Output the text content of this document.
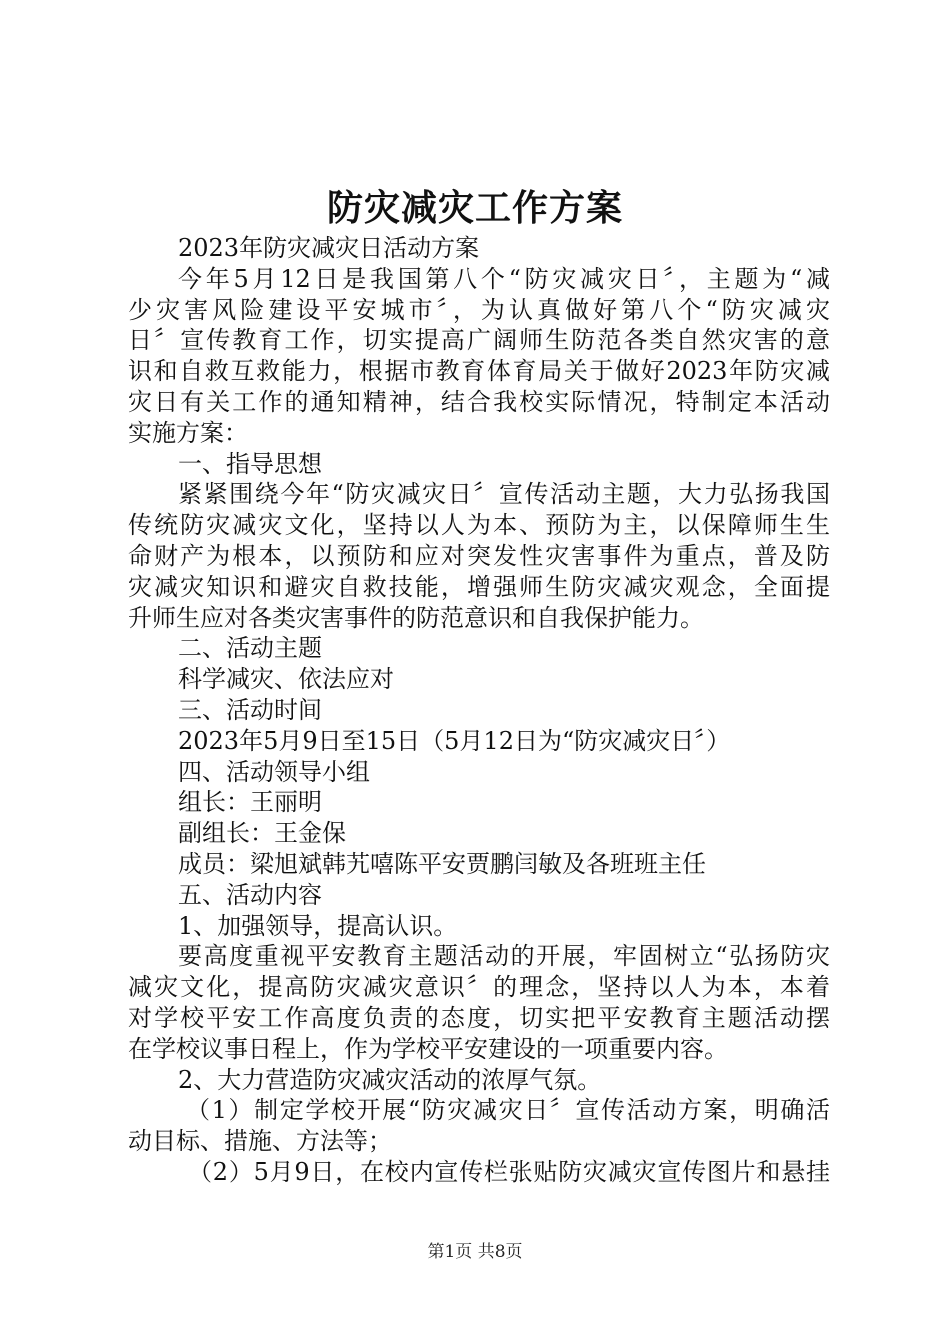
防灾减灾工作方案
2023年防灾减灾日活动方案
今年5月12日是我国第八个“防灾减灾日〞，主题为“减
少灾害风险建设平安城市〞，为认真做好第八个“防灾减灾
日〞宣传教育工作，切实提高广阔师生防范各类自然灾害的意
识和自救互救能力，根据市教育体育局关于做好2023年防灾减
灾日有关工作的通知精神，结合我校实际情况，特制定本活动
实施方案：
一、指导思想
紧紧围绕今年“防灾减灾日〞宣传活动主题，大力弘扬我国
传统防灾减灾文化，坚持以人为本、预防为主，以保障师生生
命财产为根本，以预防和应对突发性灾害事件为重点，普及防
灾减灾知识和避灾自救技能，增强师生防灾减灾观念，全面提
升师生应对各类灾害事件的防范意识和自我保护能力。
二、活动主题
科学减灾、依法应对
三、活动时间
2023年5月9日至15日（5月12日为“防灾减灾日〞）
四、活动领导小组
组长：王丽明
副组长：王金保
成员：梁旭斌韩艽嘻陈平安贾鹏闫敏及各班班主任
五、活动内容
1、加强领导，提高认识。
要高度重视平安教育主题活动的开展，牢固树立“弘扬防灾
减灾文化，提高防灾减灾意识〞的理念，坚持以人为本，本着
对学校平安工作高度负责的态度，切实把平安教育主题活动摆
在学校议事日程上，作为学校平安建设的一项重要内容。
2、大力营造防灾减灾活动的浓厚气氛。
（1）制定学校开展“防灾减灾日〞宣传活动方案，明确活
动目标、措施、方法等；
（2）5月9日，在校内宣传栏张贴防灾减灾宣传图片和悬挂
第1页 共8页
